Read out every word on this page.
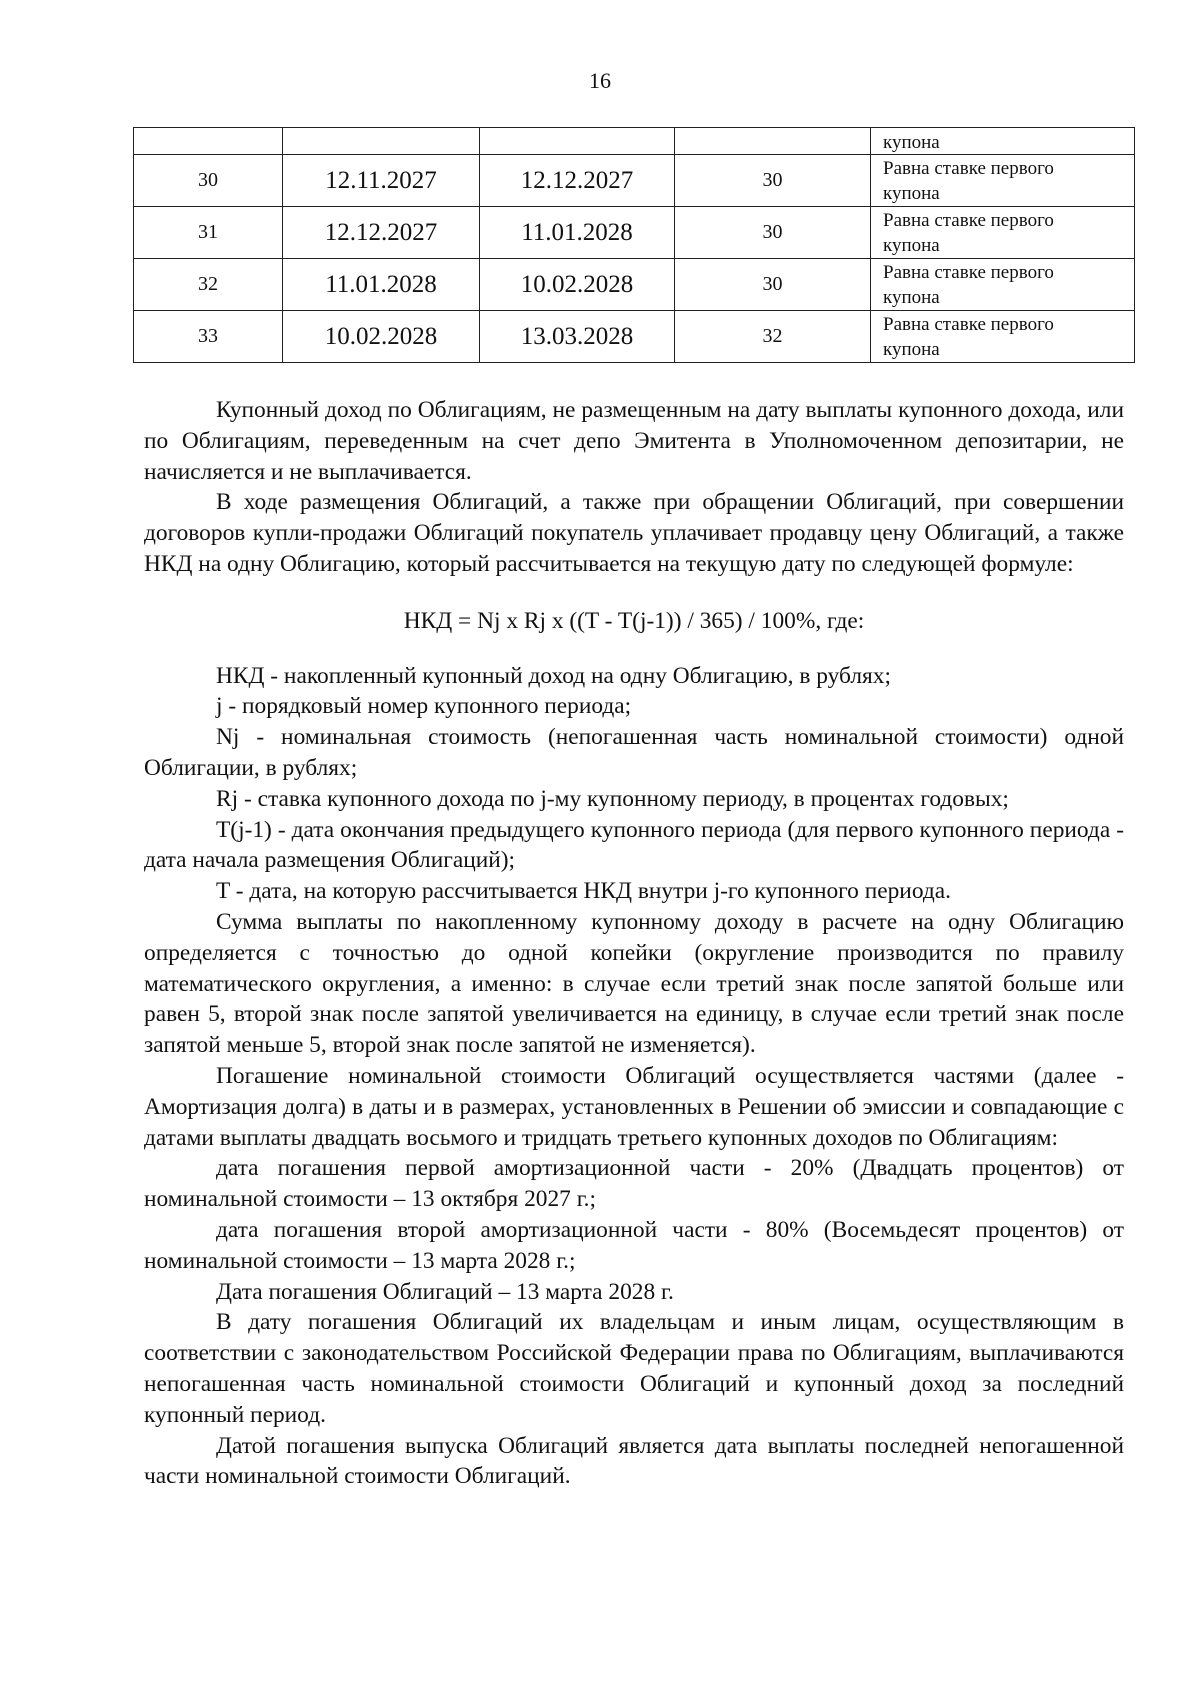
16
				купона
30	12.11.2027	12.12.2027	30	Равна ставке первого
купона

31	12.12.2027	11.01.2028	30	Равна ставке первого
купона

32	11.01.2028	10.02.2028	30	Равна ставке первого
купона

33	10.02.2028	13.03.2028	32	Равна ставке первого
купона

Купонный доход по Облигациям, не размещенным на дату выплаты купонного дохода, или по Облигациям, переведенным на счет депо Эмитента в Уполномоченном депозитарии, не начисляется и не выплачивается.

В ходе размещения Облигаций, а также при обращении Облигаций, при совершении договоров купли-продажи Облигаций покупатель уплачивает продавцу цену Облигаций, а также НКД на одну Облигацию, который рассчитывается на текущую дату по следующей формуле:

НКД = Nj x Rj x ((T - T(j-1)) / 365) / 100%, где:

НКД - накопленный купонный доход на одну Облигацию, в рублях;

j - порядковый номер купонного периода;

Nj - номинальная стоимость (непогашенная часть номинальной стоимости) одной Облигации, в рублях;

Rj - ставка купонного дохода по j-му купонному периоду, в процентах годовых;

T(j-1) - дата окончания предыдущего купонного периода (для первого купонного периода - дата начала размещения Облигаций);

T - дата, на которую рассчитывается НКД внутри j-го купонного периода.

Сумма выплаты по накопленному купонному доходу в расчете на одну Облигацию определяется с точностью до одной копейки (округление производится по правилу математического округления, а именно: в случае если третий знак после запятой больше или равен 5, второй знак после запятой увеличивается на единицу, в случае если третий знак после запятой меньше 5, второй знак после запятой не изменяется).

Погашение номинальной стоимости Облигаций осуществляется частями (далее - Амортизация долга) в даты и в размерах, установленных в Решении об эмиссии и совпадающие с датами выплаты двадцать восьмого и тридцать третьего купонных доходов по Облигациям:

дата погашения первой амортизационной части - 20% (Двадцать процентов) от номинальной стоимости – 13 октября 2027 г.;

дата погашения второй амортизационной части - 80% (Восемьдесят процентов) от номинальной стоимости – 13 марта 2028 г.;

Дата погашения Облигаций – 13 марта 2028 г.

В дату погашения Облигаций их владельцам и иным лицам, осуществляющим в соответствии с законодательством Российской Федерации права по Облигациям, выплачиваются непогашенная часть номинальной стоимости Облигаций и купонный доход за последний купонный период.

Датой погашения выпуска Облигаций является дата выплаты последней непогашенной части номинальной стоимости Облигаций.
